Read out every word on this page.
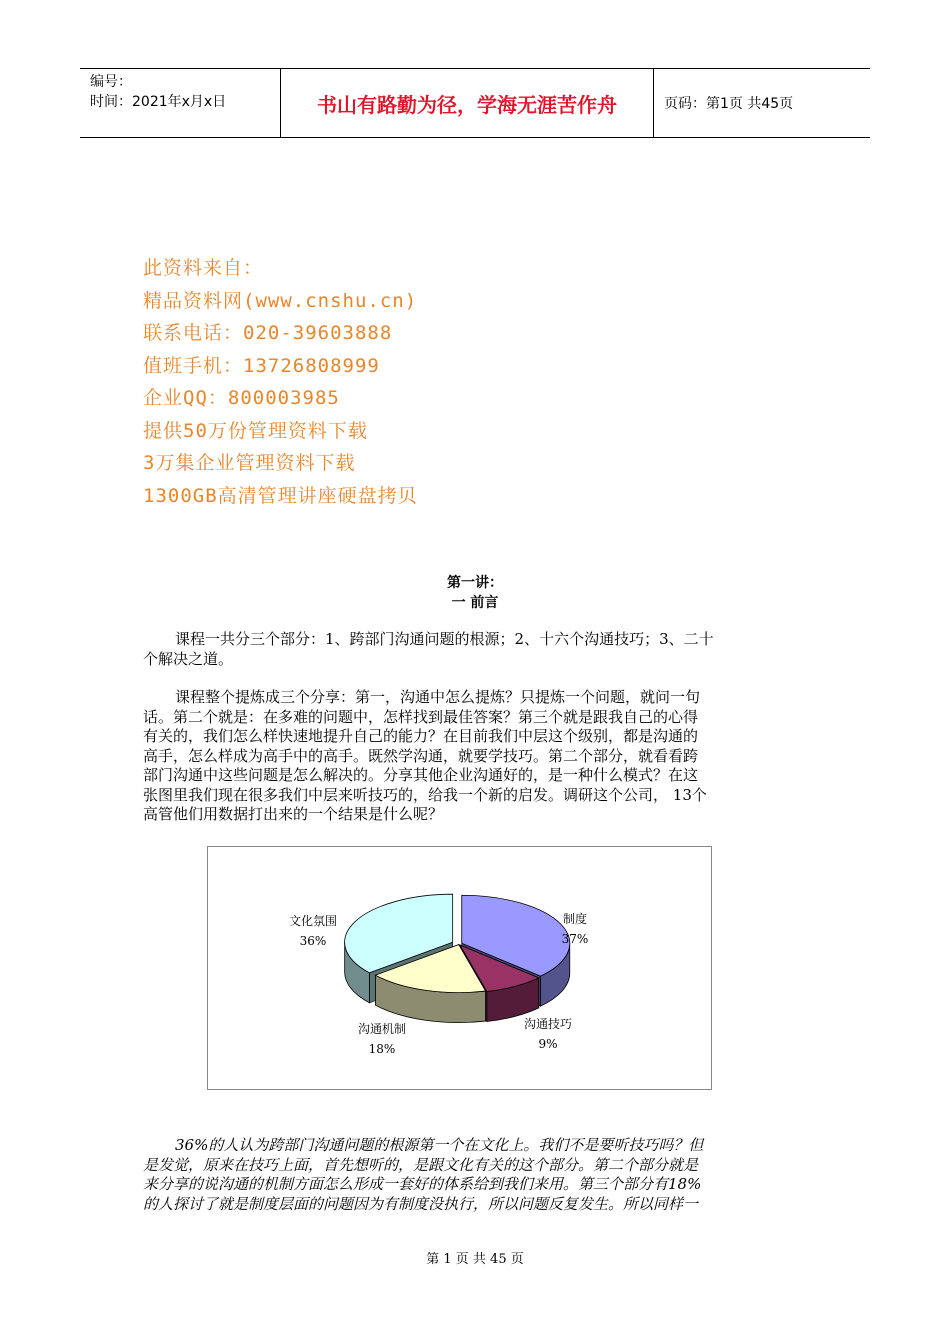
编号：
时间：2021年x月x日	书山有路勤为径，学海无涯苦作舟	页码：第1页 共45页
此资料来自：
精品资料网(www.cnshu.cn)
联系电话：020-39603888
值班手机：13726808999
企业QQ：800003985
提供50万份管理资料下载
3万集企业管理资料下载
1300GB高清管理讲座硬盘拷贝
第一讲：
一 前言
课程一共分三个部分：1、跨部门沟通问题的根源；2、十六个沟通技巧；3、二十
个解决之道。
课程整个提炼成三个分享：第一，沟通中怎么提炼？只提炼一个问题，就问一句
话。第二个就是：在多难的问题中，怎样找到最佳答案？第三个就是跟我自己的心得
有关的，我们怎么样快速地提升自己的能力？在目前我们中层这个级别，都是沟通的
高手，怎么样成为高手中的高手。既然学沟通，就要学技巧。第二个部分，就看看跨
部门沟通中这些问题是怎么解决的。分享其他企业沟通好的，是一种什么模式？在这
张图里我们现在很多我们中层来听技巧的，给我一个新的启发。调研这个公司， 13个
高管他们用数据打出来的一个结果是什么呢？
制度
37%
沟通技巧
9%
沟通机制
18%
文化氛围
36%
36%的人认为跨部门沟通问题的根源第一个在文化上。我们不是要听技巧吗？但
是发觉，原来在技巧上面，首先想听的，是跟文化有关的这个部分。第二个部分就是
来分享的说沟通的机制方面怎么形成一套好的体系给到我们来用。第三个部分有18%
的人探讨了就是制度层面的问题因为有制度没执行，所以问题反复发生。所以同样一
第 1 页 共 45 页
